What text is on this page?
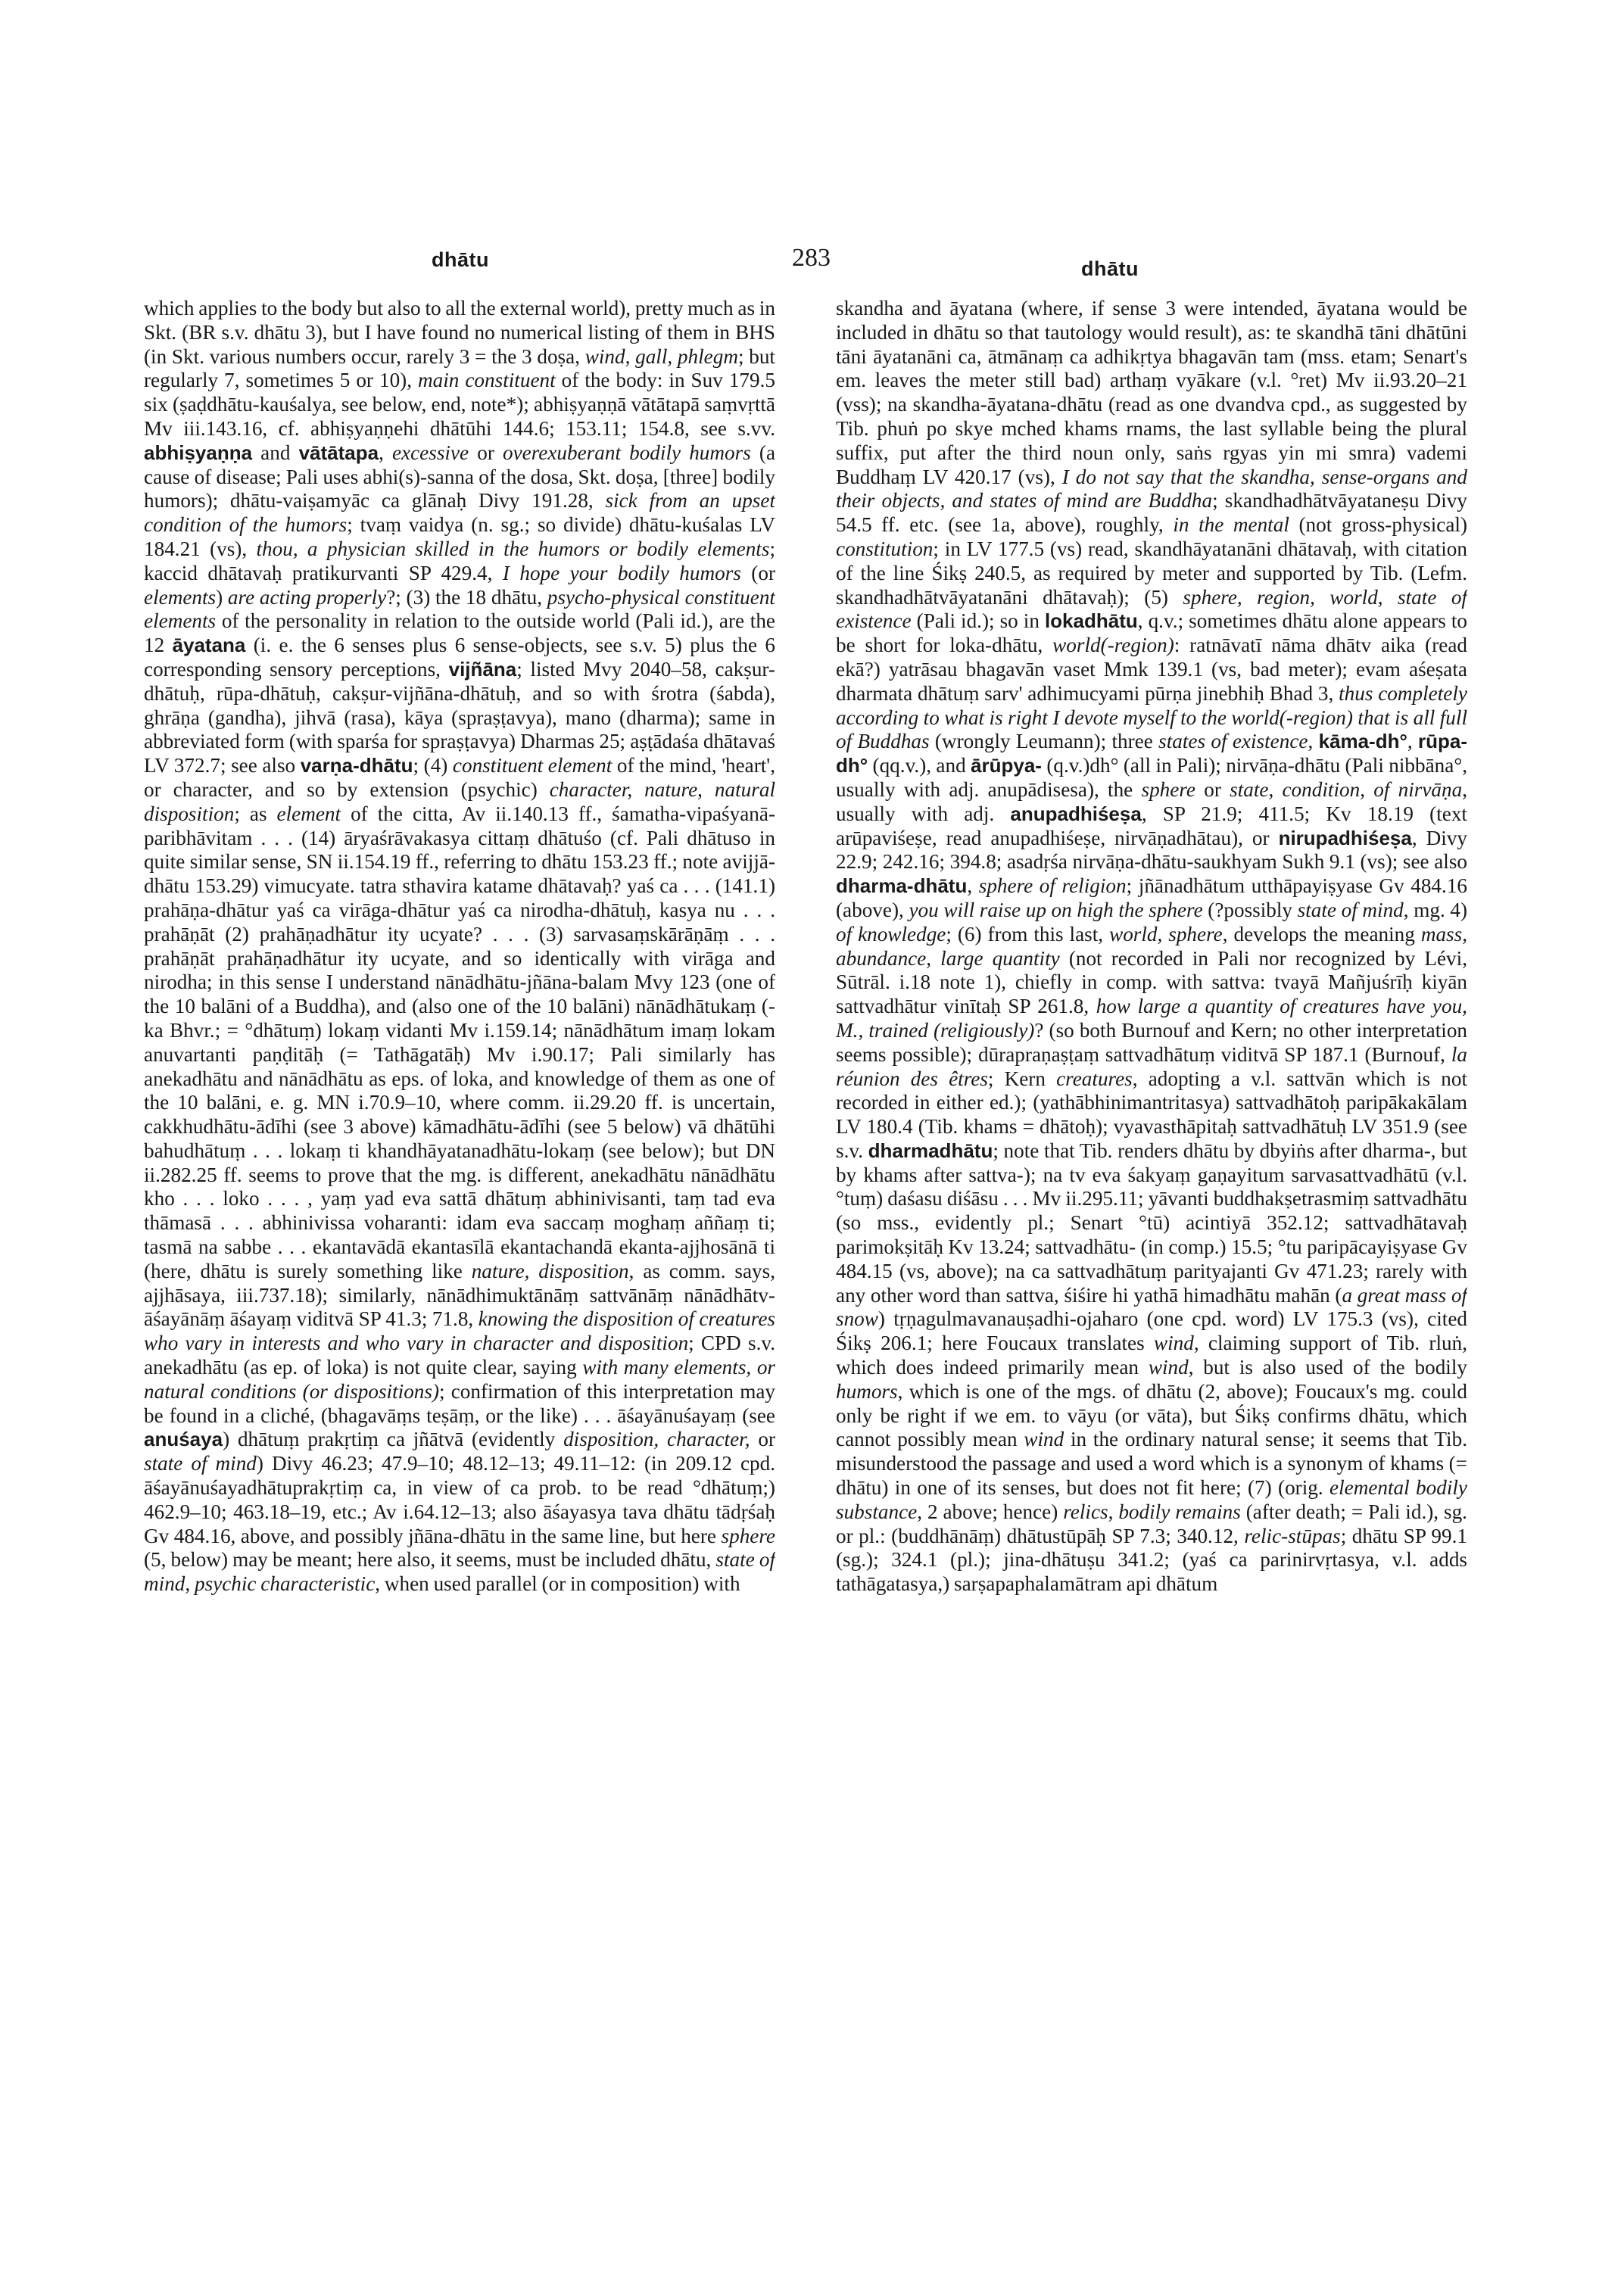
dhātu	283	dhātu

which applies to the body but also to all the external world), pretty much as in Skt. (BR s.v. dhātu 3), but I have found no numerical listing of them in BHS (in Skt. various numbers occur, rarely 3 = the 3 doṣa, wind, gall, phlegm; but regularly 7, sometimes 5 or 10), main constituent of the body: in Suv 179.5 six (ṣaḍdhātu-kauśalya, see below, end, note*); abhiṣyaṇṇā vātātapā saṃvṛttā Mv iii.143.16, cf. abhiṣyaṇṇehi dhātūhi 144.6; 153.11; 154.8, see s.vv. abhiṣyaṇṇa and vātātapa, excessive or overexuberant bodily humors (a cause of disease; Pali uses abhi(s)-sanna of the dosa, Skt. doṣa, [three] bodily humors); dhātu-vaiṣamyāc ca glānaḥ Divy 191.28, sick from an upset condition of the humors; tvaṃ vaidya (n. sg.; so divide) dhātu-kuśalas LV 184.21 (vs), thou, a physician skilled in the humors or bodily elements; kaccid dhātavaḥ pratikurvanti SP 429.4, I hope your bodily humors (or elements) are acting properly?; (3) the 18 dhātu, psycho-physical constituent elements of the personality in relation to the outside world (Pali id.), are the 12 āyatana (i. e. the 6 senses plus 6 sense-objects, see s.v. 5) plus the 6 corresponding sensory perceptions, vijñāna; listed Mvy 2040–58, cakṣur-dhātuḥ, rūpa-dhātuḥ, cakṣur-vijñāna-dhātuḥ, and so with śrotra (śabda), ghrāṇa (gandha), jihvā (rasa), kāya (spraṣṭavya), mano (dharma); same in abbreviated form (with sparśa for spraṣṭavya) Dharmas 25; aṣṭādaśa dhātavaś LV 372.7; see also varṇa-dhātu; (4) constituent element of the mind, 'heart', or character, and so by extension (psychic) character, nature, natural disposition; as element of the citta, Av ii.140.13 ff., śamatha-vipaśyanā-paribhāvitam . . . (14) āryaśrāvakasya cittaṃ dhātuśo (cf. Pali dhātuso in quite similar sense, SN ii.154.19 ff., referring to dhātu 153.23 ff.; note avijjā-dhātu 153.29) vimucyate. tatra sthavira katame dhātavaḥ? yaś ca . . . (141.1) prahāṇa-dhātur yaś ca virāga-dhātur yaś ca nirodha-dhātuḥ, kasya nu . . . prahāṇāt (2) prahāṇadhātur ity ucyate? . . . (3) sarvasaṃskārāṇāṃ . . . prahāṇāt prahāṇadhātur ity ucyate, and so identically with virāga and nirodha; in this sense I understand nānādhātu-jñāna-balam Mvy 123 (one of the 10 balāni of a Buddha), and (also one of the 10 balāni) nānādhātukaṃ (-ka Bhvr.; = °dhātuṃ) lokaṃ vidanti Mv i.159.14; nānādhātum imaṃ lokam anuvartanti paṇḍitāḥ (= Tathāgatāḥ) Mv i.90.17; Pali similarly has anekadhātu and nānādhātu as eps. of loka, and knowledge of them as one of the 10 balāni, e. g. MN i.70.9–10, where comm. ii.29.20 ff. is uncertain, cakkhudhātu-ādīhi (see 3 above) kāmadhātu-ādīhi (see 5 below) vā dhātūhi bahudhātuṃ . . . lokaṃ ti khandhāyatanadhātu-lokaṃ (see below); but DN ii.282.25 ff. seems to prove that the mg. is different, anekadhātu nānādhātu kho . . . loko . . . , yaṃ yad eva sattā dhātuṃ abhinivisanti, taṃ tad eva thāmasā . . . abhinivissa voharanti: idam eva saccaṃ moghaṃ aññaṃ ti; tasmā na sabbe . . . ekantavādā ekantasīlā ekantachandā ekanta-ajjhosānā ti (here, dhātu is surely something like nature, disposition, as comm. says, ajjhāsaya, iii.737.18); similarly, nānādhimuktānāṃ sattvānāṃ nānādhātv-āśayānāṃ āśayaṃ viditvā SP 41.3; 71.8, knowing the disposition of creatures who vary in interests and who vary in character and disposition; CPD s.v. anekadhātu (as ep. of loka) is not quite clear, saying with many elements, or natural conditions (or dispositions); confirmation of this interpretation may be found in a cliché, (bhagavāṃs teṣāṃ, or the like) . . . āśayānuśayaṃ (see anuśaya) dhātuṃ prakṛtiṃ ca jñātvā (evidently disposition, character, or state of mind) Divy 46.23; 47.9–10; 48.12–13; 49.11–12: (in 209.12 cpd. āśayānuśayadhātuprakṛtiṃ ca, in view of ca prob. to be read °dhātuṃ;) 462.9–10; 463.18–19, etc.; Av i.64.12–13; also āśayasya tava dhātu tādṛśaḥ Gv 484.16, above, and possibly jñāna-dhātu in the same line, but here sphere (5, below) may be meant; here also, it seems, must be included dhātu, state of mind, psychic characteristic, when used parallel (or in composition) with

skandha and āyatana (where, if sense 3 were intended, āyatana would be included in dhātu so that tautology would result), as: te skandhā tāni dhātūni tāni āyatanāni ca, ātmānaṃ ca adhikṛtya bhagavān tam (mss. etam; Senart's em. leaves the meter still bad) arthaṃ vyākare (v.l. °ret) Mv ii.93.20–21 (vss); na skandha-āyatana-dhātu (read as one dvandva cpd., as suggested by Tib. phuṅ po skye mched khams rnams, the last syllable being the plural suffix, put after the third noun only, saṅs rgyas yin mi smra) vademi Buddhaṃ LV 420.17 (vs), I do not say that the skandha, sense-organs and their objects, and states of mind are Buddha; skandhadhātvāyataneṣu Divy 54.5 ff. etc. (see 1a, above), roughly, in the mental (not gross-physical) constitution; in LV 177.5 (vs) read, skandhāyatanāni dhātavaḥ, with citation of the line Śikṣ 240.5, as required by meter and supported by Tib. (Lefm. skandhadhātvāyatanāni dhātavaḥ); (5) sphere, region, world, state of existence (Pali id.); so in lokadhātu, q.v.; sometimes dhātu alone appears to be short for loka-dhātu, world(-region): ratnāvatī nāma dhātv aika (read ekā?) yatrāsau bhagavān vaset Mmk 139.1 (vs, bad meter); evam aśeṣata dharmata dhātuṃ sarv' adhimucyami pūrṇa jinebhiḥ Bhad 3, thus completely according to what is right I devote myself to the world(-region) that is all full of Buddhas (wrongly Leumann); three states of existence, kāma-dh°, rūpa-dh° (qq.v.), and ārūpya- (q.v.)dh° (all in Pali); nirvāṇa-dhātu (Pali nibbāna°, usually with adj. anupādisesa), the sphere or state, condition, of nirvāṇa, usually with adj. anupadhiśeṣa, SP 21.9; 411.5; Kv 18.19 (text arūpaviśeṣe, read anupadhiśeṣe, nirvāṇadhātau), or nirupadhiśeṣa, Divy 22.9; 242.16; 394.8; asadṛśa nirvāṇa-dhātu-saukhyam Sukh 9.1 (vs); see also dharma-dhātu, sphere of religion; jñānadhātum utthāpayiṣyase Gv 484.16 (above), you will raise up on high the sphere (?possibly state of mind, mg. 4) of knowledge; (6) from this last, world, sphere, develops the meaning mass, abundance, large quantity (not recorded in Pali nor recognized by Lévi, Sūtrāl. i.18 note 1), chiefly in comp. with sattva: tvayā Mañjuśrīḥ kiyān sattvadhātur vinītaḥ SP 261.8, how large a quantity of creatures have you, M., trained (religiously)? (so both Burnouf and Kern; no other interpretation seems possible); dūrapraṇaṣṭaṃ sattvadhātuṃ viditvā SP 187.1 (Burnouf, la réunion des êtres; Kern creatures, adopting a v.l. sattvān which is not recorded in either ed.); (yathābhinimantritasya) sattvadhātoḥ paripākakālam LV 180.4 (Tib. khams = dhātoḥ); vyavasthāpitaḥ sattvadhātuḥ LV 351.9 (see s.v. dharmadhātu; note that Tib. renders dhātu by dbyiṅs after dharma-, but by khams after sattva-); na tv eva śakyaṃ gaṇayitum sarvasattvadhātū (v.l. °tuṃ) daśasu diśāsu . . . Mv ii.295.11; yāvanti buddhakṣetrasmiṃ sattvadhātu (so mss., evidently pl.; Senart °tū) acintiyā 352.12; sattvadhātavaḥ parimokṣitāḥ Kv 13.24; sattvadhātu- (in comp.) 15.5; °tu paripācayiṣyase Gv 484.15 (vs, above); na ca sattvadhātuṃ parityajanti Gv 471.23; rarely with any other word than sattva, śiśire hi yathā himadhātu mahān (a great mass of snow) tṛṇagulmavanauṣadhi-ojaharo (one cpd. word) LV 175.3 (vs), cited Śikṣ 206.1; here Foucaux translates wind, claiming support of Tib. rluṅ, which does indeed primarily mean wind, but is also used of the bodily humors, which is one of the mgs. of dhātu (2, above); Foucaux's mg. could only be right if we em. to vāyu (or vāta), but Śikṣ confirms dhātu, which cannot possibly mean wind in the ordinary natural sense; it seems that Tib. misunderstood the passage and used a word which is a synonym of khams (= dhātu) in one of its senses, but does not fit here; (7) (orig. elemental bodily substance, 2 above; hence) relics, bodily remains (after death; = Pali id.), sg. or pl.: (buddhānāṃ) dhātustūpāḥ SP 7.3; 340.12, relic-stūpas; dhātu SP 99.1 (sg.); 324.1 (pl.); jina-dhātuṣu 341.2; (yaś ca parinirvṛtasya, v.l. adds tathāgatasya,) sarṣapaphalamātram api dhātum
